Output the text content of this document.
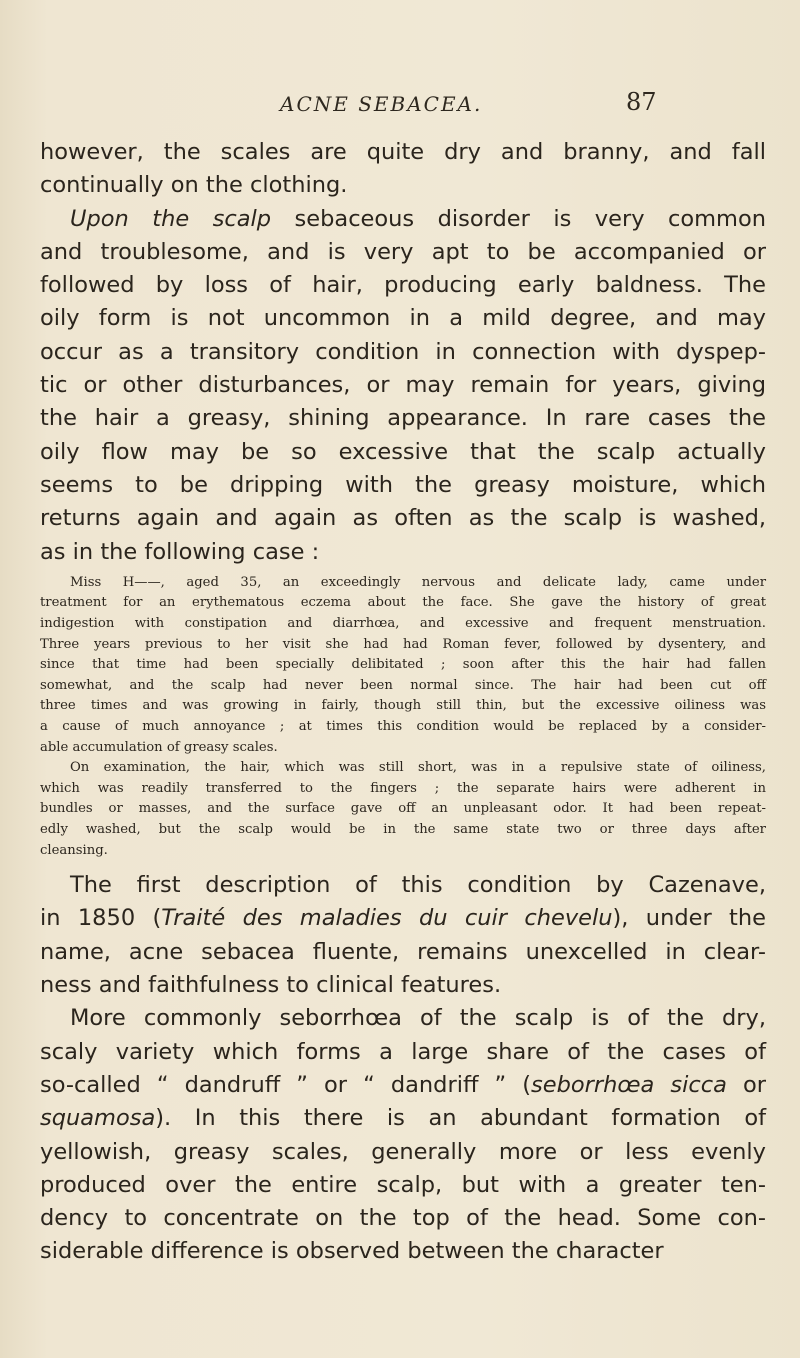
ACNE SEBACEA.	87

however, the scales are quite dry and branny, and fall
continually on the clothing.

Upon the scalp sebaceous disorder is very common
and troublesome, and is very apt to be accompanied or
followed by loss of hair, producing early baldness. The
oily form is not uncommon in a mild degree, and may
occur as a transitory condition in connection with dyspep-
tic or other disturbances, or may remain for years, giving
the hair a greasy, shining appearance. In rare cases the
oily flow may be so excessive that the scalp actually
seems to be dripping with the greasy moisture, which
returns again and again as often as the scalp is washed,
as in the following case :

Miss H——, aged 35, an exceedingly nervous and delicate lady, came under
treatment for an erythematous eczema about the face. She gave the history of great
indigestion with constipation and diarrhœa, and excessive and frequent menstruation.
Three years previous to her visit she had had Roman fever, followed by dysentery, and
since that time had been specially delibitated ; soon after this the hair had fallen
somewhat, and the scalp had never been normal since. The hair had been cut off
three times and was growing in fairly, though still thin, but the excessive oiliness was
a cause of much annoyance ; at times this condition would be replaced by a consider-
able accumulation of greasy scales.

On examination, the hair, which was still short, was in a repulsive state of oiliness,
which was readily transferred to the fingers ; the separate hairs were adherent in
bundles or masses, and the surface gave off an unpleasant odor. It had been repeat-
edly washed, but the scalp would be in the same state two or three days after
cleansing.

The first description of this condition by Cazenave,
in 1850 (Traité des maladies du cuir chevelu), under the
name, acne sebacea fluente, remains unexcelled in clear-
ness and faithfulness to clinical features.

More commonly seborrhœa of the scalp is of the dry,
scaly variety which forms a large share of the cases of
so-called “ dandruff ” or “ dandriff ” (seborrhœa sicca or
squamosa). In this there is an abundant formation of
yellowish, greasy scales, generally more or less evenly
produced over the entire scalp, but with a greater ten-
dency to concentrate on the top of the head. Some con-
siderable difference is observed between the character
